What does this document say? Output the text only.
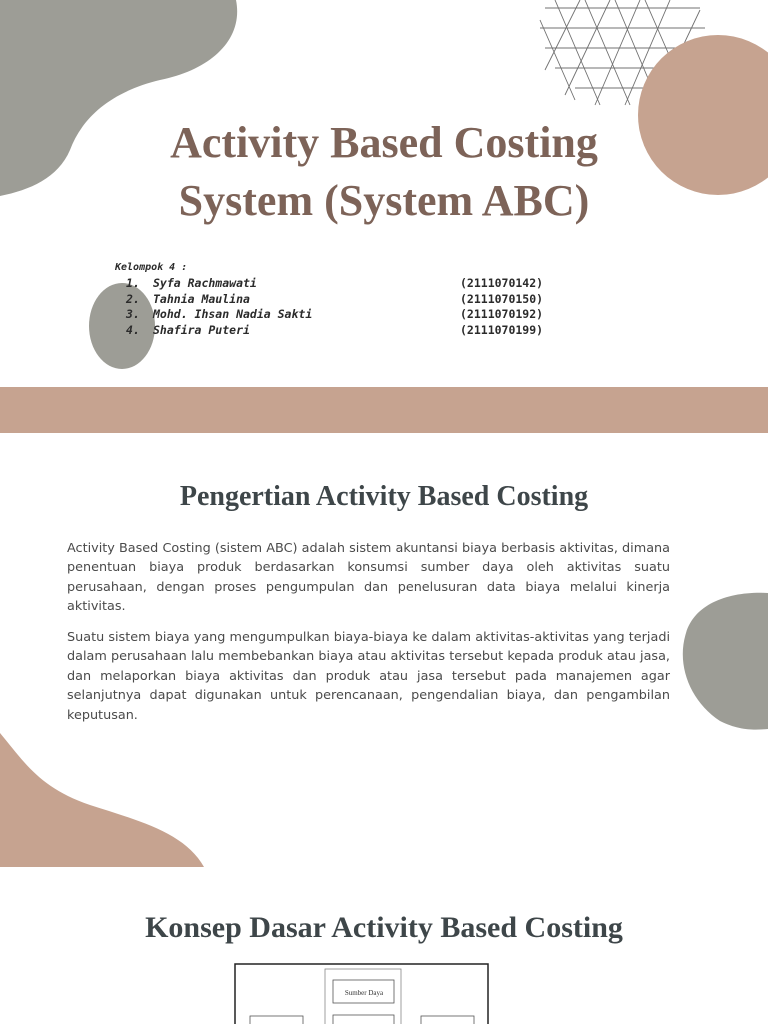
Activity Based Costing
System (System ABC)
Kelompok 4 :
1. Syfa Rachmawati	(2111070142)
2. Tahnia Maulina	(2111070150)
3. Mohd. Ihsan Nadia Sakti	(2111070192)
4. Shafira Puteri	(2111070199)
Pengertian Activity Based Costing

Activity Based Costing (sistem ABC) adalah sistem akuntansi biaya berbasis aktivitas, dimana penentuan biaya produk berdasarkan konsumsi sumber daya oleh aktivitas suatu perusahaan, dengan proses pengumpulan dan penelusuran data biaya melalui kinerja aktivitas.

Suatu sistem biaya yang mengumpulkan biaya-biaya ke dalam aktivitas-aktivitas yang terjadi dalam perusahaan lalu membebankan biaya atau aktivitas tersebut kepada produk atau jasa, dan melaporkan biaya aktivitas dan produk atau jasa tersebut pada manajemen agar selanjutnya dapat digunakan untuk perencanaan, pengendalian biaya, dan pengambilan keputusan.

Konsep Dasar Activity Based Costing
Sumber Daya
